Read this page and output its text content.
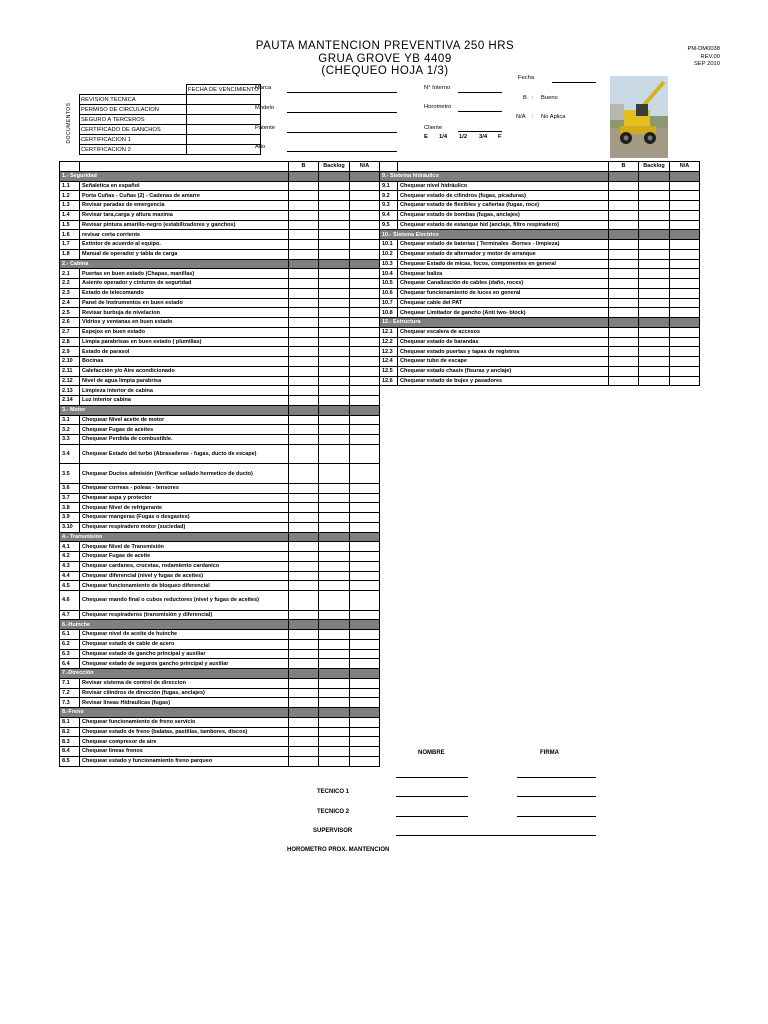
PAUTA MANTENCION PREVENTIVA 250 HRS
GRUA GROVE YB 4409
(CHEQUEO HOJA 1/3)
PM-DM0038
REV.00
SEP 2010
Fecha
DOCUMENTOS
	FECHA DE VENCIMIENTO
REVISION TECNICA	
PERMISO DE CIRCULACION	
SEGURO A TERCEROS	
CERTIFICADO DE GANCHOS	
CERTIFICACION 1	
CERTIFICACION 2	
Marca
Modelo
Patente
Año
N° Interno
Horometro
Cliente
E 1/4 1/2 3/4 F
B : Bueno
N/A : No Aplica
		B	Backlog	N/A
1.- Seguridad				
1.1	Señaletica en español			
1.2	Porta Cuñas - Cuñas (2) - Cadenas de amarre			
1.3	Revisar paradas de emergencia			
1.4	Revisar tara,carga y altura maxima			
1.5	Revisar pintura amarillo-negro (estabilizadores y ganchos)			
1.6	revisar corta corriente			
1.7	Extintor de acuerdo al equipo.			
1.8	Manual de operador y tabla de carga			
2.- Cabina				
2.1	Puertas en buen estado (Chapas, manillas)			
2.2	Asiento operador y cinturon de seguridad			
2.3	Estado de telecomando			
2.4	Panel de Instrumentos en buen estado			
2.5	Revisar burbuja de nivelacion			
2.6	Vidrios y ventanas en buen estado			
2.7	Espejos en buen estado			
2.8	Limpia parabrisas en buen estado ( plumillas)			
2.9	Estado de parasol			
2.10	Bocinas			
2.11	Calefacción y/o Aire acondicionado			
2.12	Nivel de agua limpia parabrisa			
2.13	Limpieza interior de cabina			
2.14	Luz interior cabina			
3.- Motor				
3.1	Chequear Nivel aceite de motor			
3.2	Chequear Fugas de aceites			
3.3	Chequear Perdida de combustible.			
3.4	Chequear Estado del turbo (Abrasaderas - fugas, ducto de escape)			
3.5	Chequear Ductos admisión (Verificar sellado hermetico de ducto)			
3.6	Chequear correas - poleas - tensores			
3.7	Chequear aspa y protector			
3.8	Chequear Nivel de refrigerante			
3.9	Chequear mangeras (Fugas o desgastes)			
3.10	Chequear respiradero motor (suciedad)			
4.- Transmisión				
4.1	Chequear Nivel de Transmisión			
4.2	Chequear Fugas de aceite			
4.3	Chequear cardanes, crucetas, rodamiento cardanico			
4.4	Chequear diferencial (nivel y fugas de aceites)			
4.5	Chequear funcionamiento de bloqueo diferencial			
4.6	Chequear mando final o cubos reductores (nivel y fugas de aceites)			
4.7	Chequear respiraderos (transmisión y diferencial)			
6.-Huinche				
6.1	Chequear nivel de aceite de huinche			
6.2	Chequear estado de cable de acero			
6.3	Chequear estado de gancho principal y auxiliar			
6.4	Chequear estado de seguros gancho principal y auxiliar			
7.-Dirección				
7.1	Revisar sistema de control de direccion			
7.2	Revisar cilindros de dirección (fugas, anclajes)			
7.3	Revisar lineas Hidraulicas (fugas)			
8.-Freno				
8.1	Chequear funcionamiento de freno servicio			
8.2	Chequear estado de freno (balatas, pastillas, tambores, discos)			
8.3	Chequear compresor de aire			
8.4	Chequear lineas frenos			
8.5	Chequear estado y funcionamiento freno parqueo			
		B	Backlog	N/A
9.- Sistema hidráulico				
9.1	Chequear nivel hidráulico			
9.2	Chequear estado de cilindros (fugas, picaduras)			
9.3	Chequear estado de flexibles y cañerias (fugas, roce)			
9.4	Chequear estado de bombas (fugas, anclajes)			
9.5	Chequear estado de estanque hid (anclaje, filtro respiradero)			
10.- Sistema Electrico				
10.1	Chequear estado de baterias ( Terminales -Bornes - limpieza)			
10.2	Chequear estado de alternador y motor de arranque			
10.3	Chequear Estado de micas, focos, componentes en general			
10.4	Chequear baliza			
10.5	Chequear Canalización de cables (daño, roces)			
10.6	Chequear funcionamiento de luces en general			
10.7	Chequear cable del PAT			
10.8	Chequear Limitador de gancho (Anti two- block)			
12.- Estructura				
12.1	Chequear escalera de accesos			
12.2	Chequear estado de barandas			
12.3	Chequear estado puertas y tapas de registros			
12.4	Chequear tubo de escape			
12.5	Chequear estado chasis (fisuras y anclaje)			
12.6	Chequear estado de bujes y pasadores			
NOMBRE	FIRMA
TECNICO 1
TECNICO 2
SUPERVISOR
HOROMETRO PROX. MANTENCION
